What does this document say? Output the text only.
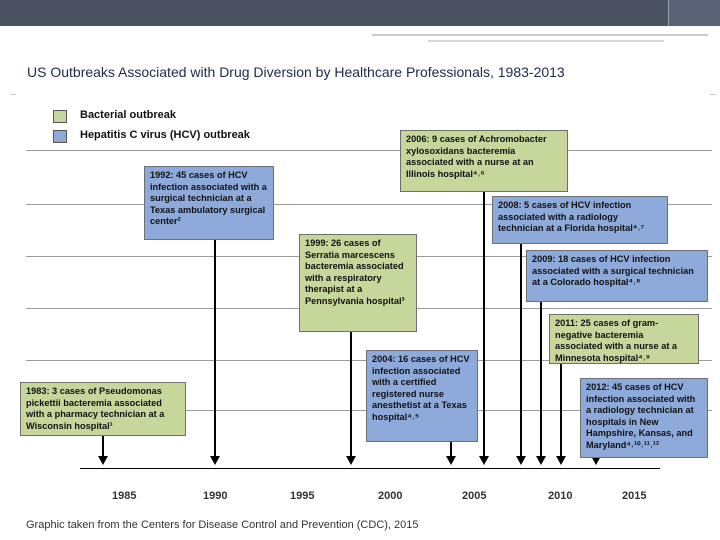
US Outbreaks Associated with Drug Diversion by Healthcare Professionals, 1983-2013
Bacterial outbreak
Hepatitis C virus (HCV) outbreak
1985	1990	1995	2000	2005	2010	2015
1992: 45 cases of HCV infection associated with a surgical technician at a Texas ambulatory surgical center²
1999: 26 cases of Serratia marcescens bacteremia associated with a respiratory therapist at a Pennsylvania hospital³
2006: 9 cases of Achromobacter xylosoxidans bacteremia associated with a nurse at an Illinois hospital⁴˒⁶
2008: 5 cases of HCV infection associated with a radiology technician at a Florida hospital⁴˒⁷
2009: 18 cases of HCV infection associated with a surgical technician at a Colorado hospital⁴˒⁸
2011: 25 cases of gram-negative bacteremia associated with a nurse at a Minnesota hospital⁴˒⁹
2004: 16 cases of HCV infection associated with a certified registered nurse anesthetist at a Texas hospital⁴˒⁵
1983: 3 cases of Pseudomonas pickettii bacteremia associated with a pharmacy technician at a Wisconsin hospital¹
2012: 45 cases of HCV infection associated with a radiology technician at hospitals in New Hampshire, Kansas, and Maryland⁴˒¹⁰˒¹¹˒¹²
Graphic taken from the Centers for Disease Control and Prevention (CDC), 2015
